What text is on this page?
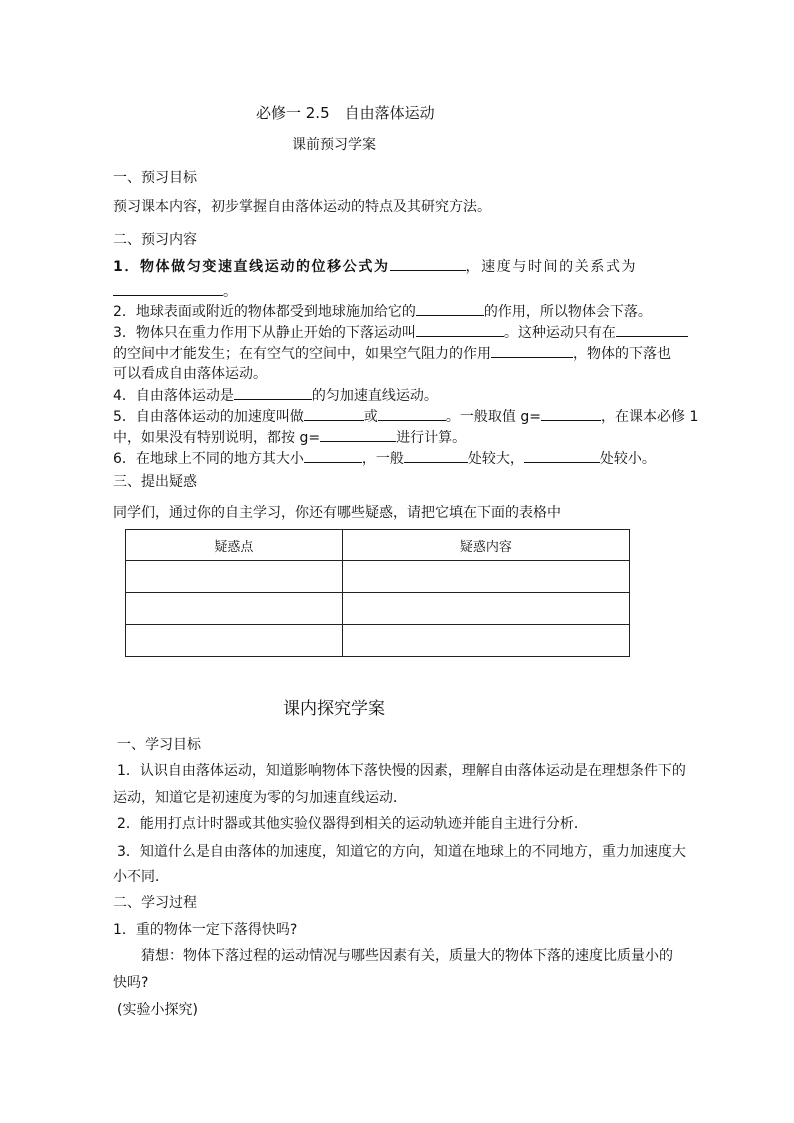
必修一 2.5　自由落体运动
课前预习学案
一、预习目标
预习课本内容，初步掌握自由落体运动的特点及其研究方法。
二、预习内容
1．物体做匀变速直线运动的位移公式为	，速度与时间的关系式为
。
2．地球表面或附近的物体都受到地球施加给它的	的作用，所以物体会下落。
3．物体只在重力作用下从静止开始的下落运动叫	。这种运动只有在
的空间中才能发生；在有空气的空间中，如果空气阻力的作用	，物体的下落也
可以看成自由落体运动。
4．自由落体运动是	的匀加速直线运动。
5．自由落体运动的加速度叫做	或	。一般取值 g=	，在课本必修 1
中，如果没有特别说明，都按 g=	进行计算。
6．在地球上不同的地方其大小	，一般	处较大，	处较小。
三、提出疑惑
同学们，通过你的自主学习，你还有哪些疑惑，请把它填在下面的表格中
疑惑点	疑惑内容

课内探究学案
一、学习目标
1．认识自由落体运动，知道影响物体下落快慢的因素，理解自由落体运动是在理想条件下的
运动，知道它是初速度为零的匀加速直线运动．
2．能用打点计时器或其他实验仪器得到相关的运动轨迹并能自主进行分析．
3．知道什么是自由落体的加速度，知道它的方向，知道在地球上的不同地方，重力加速度大
小不同．
二、学习过程
1．重的物体一定下落得快吗?
猜想：物体下落过程的运动情况与哪些因素有关，质量大的物体下落的速度比质量小的
快吗?
(实验小探究)
